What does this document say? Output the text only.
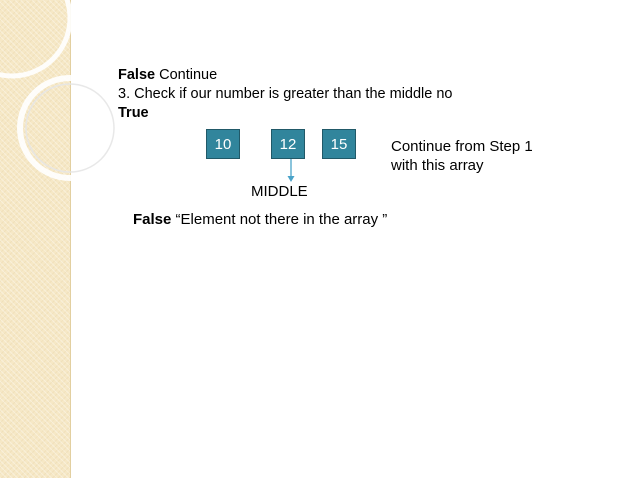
False Continue
3. Check if our number is greater than the middle no
True
10	12	15
MIDDLE
Continue from Step 1
with this array
False “Element not there in the array ”
